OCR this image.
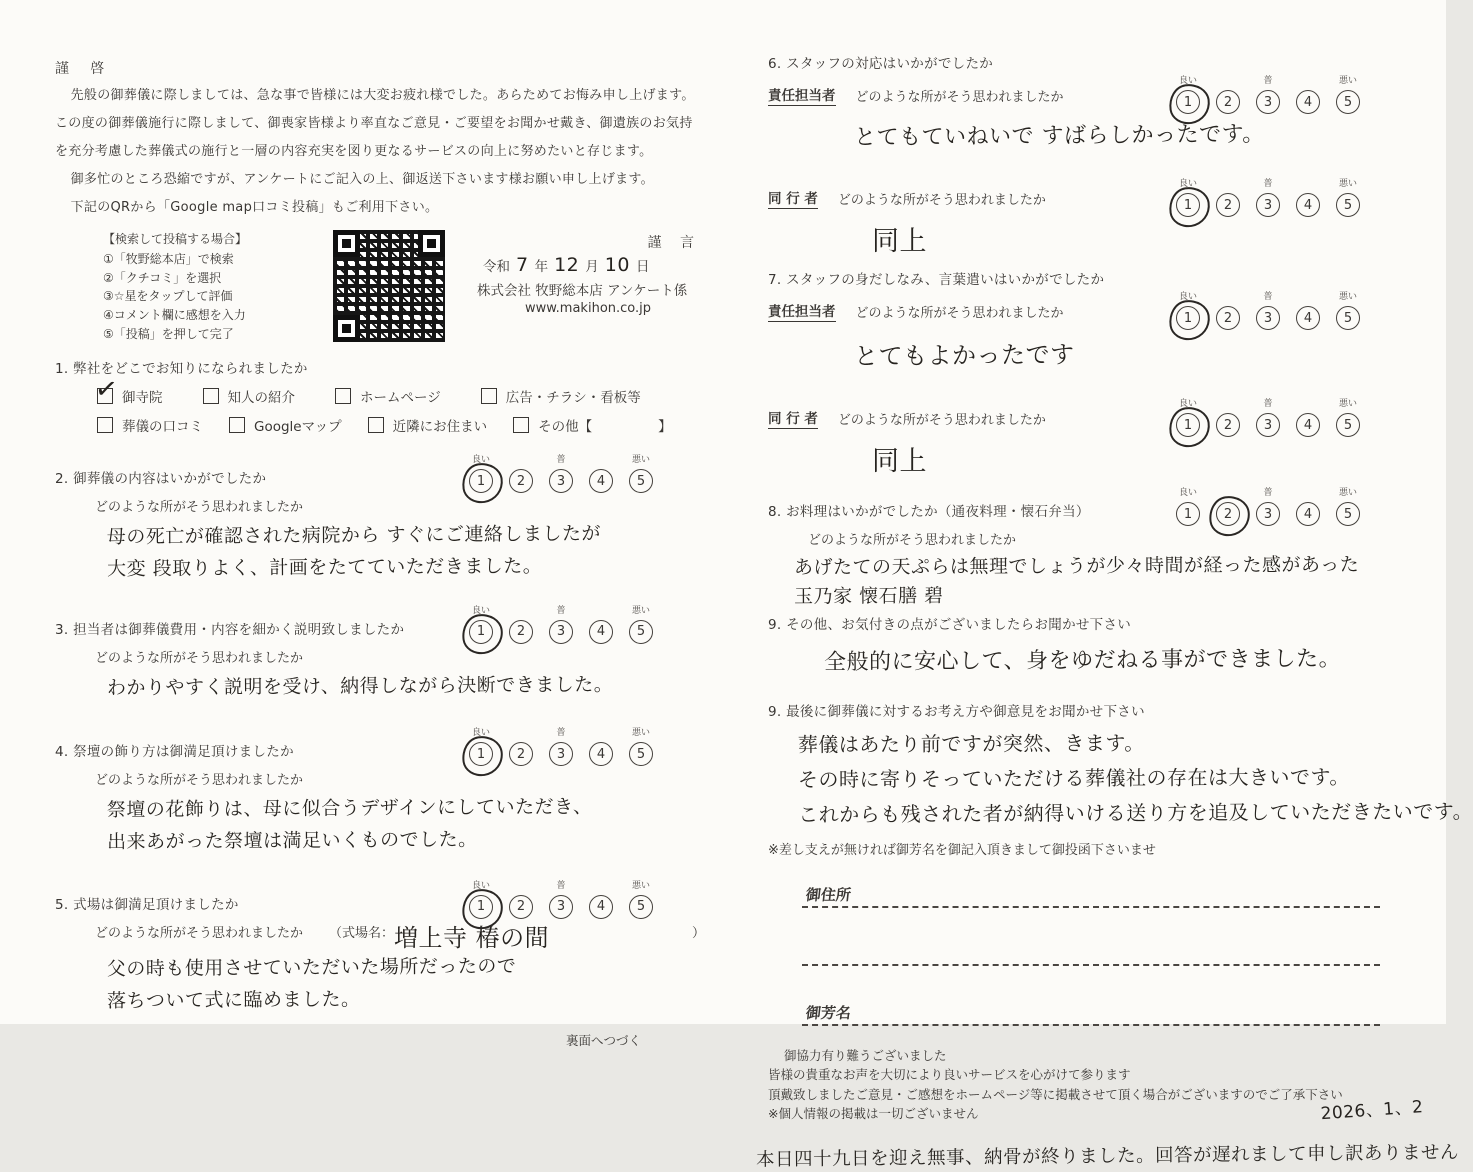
謹 啓
先般の御葬儀に際しましては、急な事で皆様には大変お疲れ様でした。あらためてお悔み申し上げます。
この度の御葬儀施行に際しまして、御喪家皆様より率直なご意見・ご要望をお聞かせ戴き、御遺族のお気持
を充分考慮した葬儀式の施行と一層の内容充実を図り更なるサービスの向上に努めたいと存じます。
御多忙のところ恐縮ですが、アンケートにご記入の上、御返送下さいます様お願い申し上げます。
下記のQRから「Google map口コミ投稿」もご利用下さい。
【検索して投稿する場合】
①「牧野総本店」で検索
②「クチコミ」を選択
③☆星をタップして評価
④コメント欄に感想を入力
⑤「投稿」を押して完了
謹 言
令和 7 年 12 月 10 日
株式会社 牧野総本店 アンケート係
www.makihon.co.jp
1. 弊社をどこでお知りになられましたか
✓
御寺院	知人の紹介	ホームページ	広告・チラシ・看板等
葬儀の口コミ	Googleマップ	近隣にお住まい	その他【	】
2. 御葬儀の内容はいかがでしたか
良い
1	2
普
3	4
悪い
5
どのような所がそう思われましたか
母の死亡が確認された病院から すぐにご連絡しましたが
大変 段取りよく、計画をたてていただきました。
3. 担当者は御葬儀費用・内容を細かく説明致しましたか
良い
1	2
普
3	4
悪い
5
どのような所がそう思われましたか
わかりやすく説明を受け、納得しながら決断できました。
4. 祭壇の飾り方は御満足頂けましたか
良い
1	2
普
3	4
悪い
5
どのような所がそう思われましたか
祭壇の花飾りは、母に似合うデザインにしていただき、
出来あがった祭壇は満足いくものでした。
5. 式場は御満足頂けましたか
良い
1	2
普
3	4
悪い
5
どのような所がそう思われましたか （式場名： 増上寺 椿の間	）
父の時も使用させていただいた場所だったので
落ちついて式に臨めました。
裏面へつづく
6. スタッフの対応はいかがでしたか
責任担当者 どのような所がそう思われましたか
良い
1	2
普
3	4
悪い
5
とてもていねいで すばらしかったです。
同 行 者 どのような所がそう思われましたか
良い
1	2
普
3	4
悪い
5
同上
7. スタッフの身だしなみ、言葉遣いはいかがでしたか
責任担当者 どのような所がそう思われましたか
良い
1	2
普
3	4
悪い
5
とてもよかったです
同 行 者 どのような所がそう思われましたか
良い
1	2
普
3	4
悪い
5
同上
8. お料理はいかがでしたか（通夜料理・懐石弁当）
良い
1	2
普
3	4
悪い
5
どのような所がそう思われましたか
あげたての天ぷらは無理でしょうが少々時間が経った感があった
玉乃家 懐石膳 碧
9. その他、お気付きの点がございましたらお聞かせ下さい
全般的に安心して、身をゆだねる事ができました。
9. 最後に御葬儀に対するお考え方や御意見をお聞かせ下さい
葬儀はあたり前ですが突然、きます。
その時に寄りそっていただける葬儀社の存在は大きいです。
これからも残された者が納得いける送り方を追及していただきたいです。
※差し支えが無ければ御芳名を御記入頂きまして御投函下さいませ
御住所
御芳名
御協力有り難うございました
皆様の貴重なお声を大切により良いサービスを心がけて参ります
頂戴致しましたご意見・ご感想をホームページ等に掲載させて頂く場合がございますのでご了承下さい
※個人情報の掲載は一切ございません	2026、1、2
本日四十九日を迎え無事、納骨が終りました。回答が遅れまして申し訳ありません
